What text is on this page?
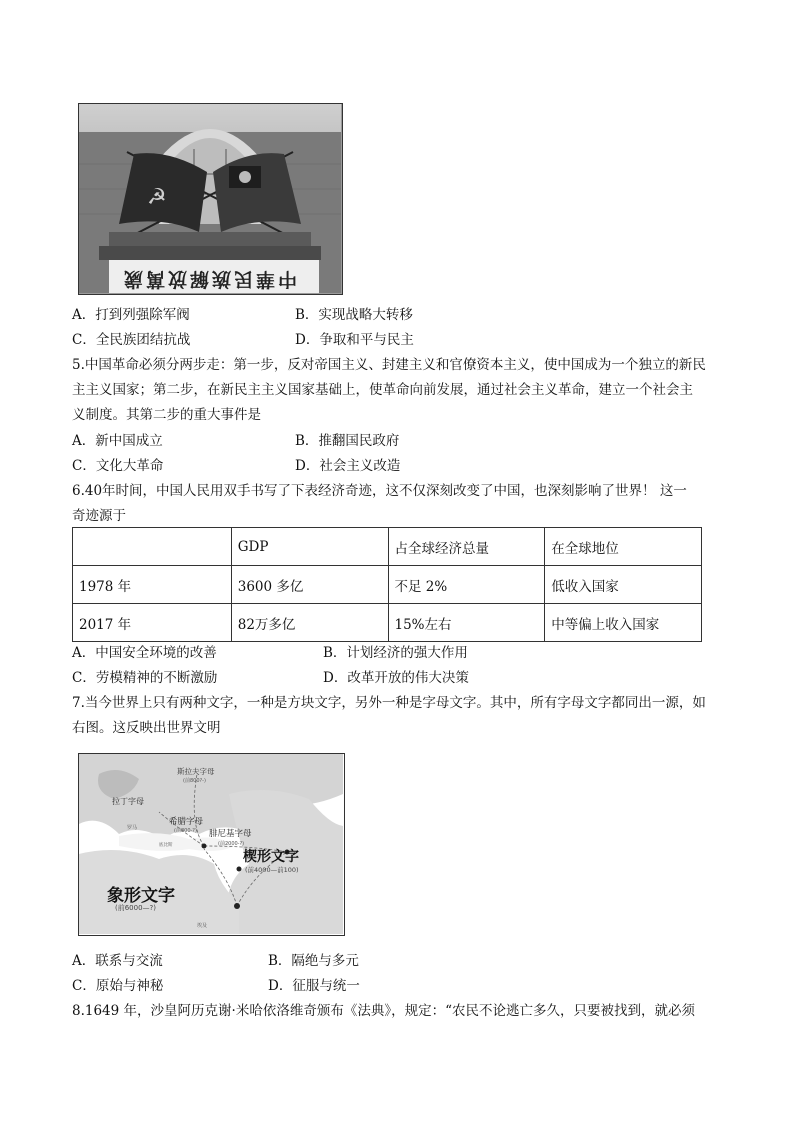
☭
中華民族解放萬歲
A．打到列强除军阀	B．实现战略大转移
C．全民族团结抗战	D．争取和平与民主
5.中国革命必须分两步走：第一步，反对帝国主义、封建主义和官僚资本主义，使中国成为一个独立的新民
主主义国家；第二步，在新民主主义国家基础上，使革命向前发展，通过社会主义革命，建立一个社会主
义制度。其第二步的重大事件是
A．新中国成立	B．推翻国民政府
C．文化大革命	D．社会主义改造
6.40年时间，中国人民用双手书写了下表经济奇迹，这不仅深刻改变了中国，也深刻影响了世界！ 这一
奇迹源于
	GDP	占全球经济总量	在全球地位
1978 年	3600 多亿	不足 2%	低收入国家
2017 年	82万多亿	15%左右	中等偏上收入国家
A．中国安全环境的改善	B．计划经济的强大作用
C．劳模精神的不断激励	D．改革开放的伟大决策
7.当今世界上只有两种文字，一种是方块文字，另外一种是字母文字。其中，所有字母文字都同出一源，如
右图。这反映出世界文明
斯拉夫字母
(前800?-)
拉丁字母
罗马
希腊字母
(前800-?) 腓尼基字母
(前2000-?)
楔形文字
(前4000—前100)
象形文字
(前6000—?)
底比斯
埃及
A．联系与交流	B．隔绝与多元
C．原始与神秘	D．征服与统一
8.1649 年，沙皇阿历克谢·米哈依洛维奇颁布《法典》，规定：“农民不论逃亡多久，只要被找到，就必须
